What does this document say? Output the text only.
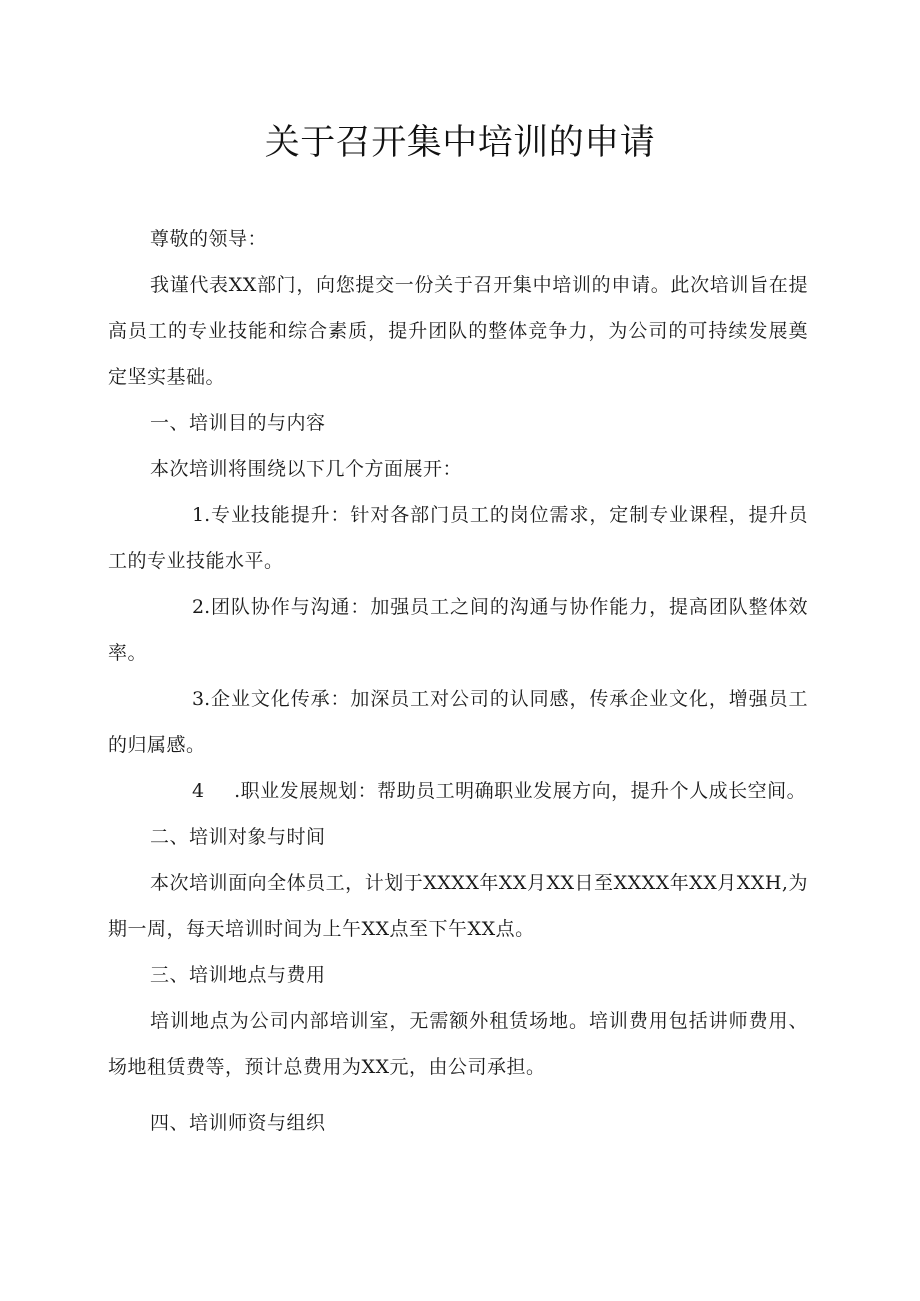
关于召开集中培训的申请

尊敬的领导：

我谨代表XX部门，向您提交一份关于召开集中培训的申请。此次培训旨在提高员工的专业技能和综合素质，提升团队的整体竞争力，为公司的可持续发展奠定坚实基础。

一、培训目的与内容

本次培训将围绕以下几个方面展开：

1.专业技能提升：针对各部门员工的岗位需求，定制专业课程，提升员工的专业技能水平。

2.团队协作与沟通：加强员工之间的沟通与协作能力，提高团队整体效率。

3.企业文化传承：加深员工对公司的认同感，传承企业文化，增强员工的归属感。

4 .职业发展规划：帮助员工明确职业发展方向，提升个人成长空间。

二、培训对象与时间

本次培训面向全体员工，计划于XXXX年XX月XX日至XXXX年XX月XXH,为期一周，每天培训时间为上午XX点至下午XX点。

三、培训地点与费用

培训地点为公司内部培训室，无需额外租赁场地。培训费用包括讲师费用、场地租赁费等，预计总费用为XX元，由公司承担。

四、培训师资与组织
